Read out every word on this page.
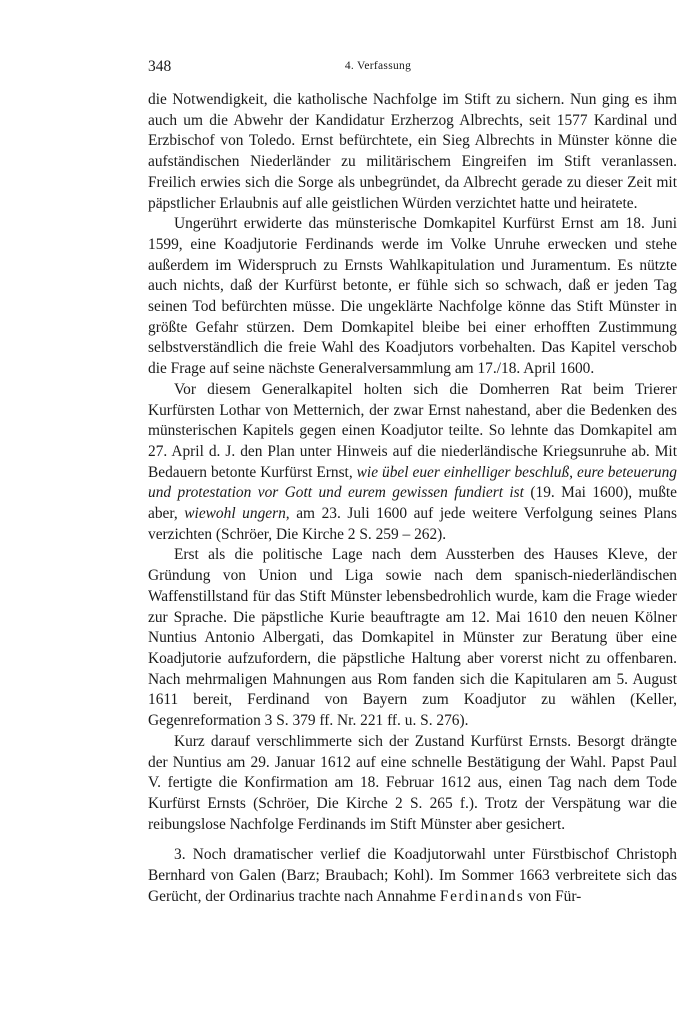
348	4. Verfassung

die Notwendigkeit, die katholische Nachfolge im Stift zu sichern. Nun ging es ihm auch um die Abwehr der Kandidatur Erzherzog Albrechts, seit 1577 Kardinal und Erzbischof von Toledo. Ernst befürchtete, ein Sieg Albrechts in Münster könne die aufständischen Niederländer zu militärischem Eingreifen im Stift veranlassen. Freilich erwies sich die Sorge als unbegründet, da Albrecht gerade zu dieser Zeit mit päpstlicher Erlaubnis auf alle geistlichen Würden verzichtet hatte und heiratete.

Ungerührt erwiderte das münsterische Domkapitel Kurfürst Ernst am 18. Juni 1599, eine Koadjutorie Ferdinands werde im Volke Unruhe erwecken und stehe außerdem im Widerspruch zu Ernsts Wahlkapitulation und Juramentum. Es nützte auch nichts, daß der Kurfürst betonte, er fühle sich so schwach, daß er jeden Tag seinen Tod befürchten müsse. Die ungeklärte Nachfolge könne das Stift Münster in größte Gefahr stürzen. Dem Domkapitel bleibe bei einer erhofften Zustimmung selbstverständlich die freie Wahl des Koadjutors vorbehalten. Das Kapitel verschob die Frage auf seine nächste Generalversammlung am 17./18. April 1600.

Vor diesem Generalkapitel holten sich die Domherren Rat beim Trierer Kurfürsten Lothar von Metternich, der zwar Ernst nahestand, aber die Bedenken des münsterischen Kapitels gegen einen Koadjutor teilte. So lehnte das Domkapitel am 27. April d. J. den Plan unter Hinweis auf die niederländische Kriegsunruhe ab. Mit Bedauern betonte Kurfürst Ernst, wie übel euer einhelliger beschluß, eure beteuerung und protestation vor Gott und eurem gewissen fundiert ist (19. Mai 1600), mußte aber, wiewohl ungern, am 23. Juli 1600 auf jede weitere Verfolgung seines Plans verzichten (Schröer, Die Kirche 2 S. 259 – 262).

Erst als die politische Lage nach dem Aussterben des Hauses Kleve, der Gründung von Union und Liga sowie nach dem spanisch-niederländischen Waffenstillstand für das Stift Münster lebensbedrohlich wurde, kam die Frage wieder zur Sprache. Die päpstliche Kurie beauftragte am 12. Mai 1610 den neuen Kölner Nuntius Antonio Albergati, das Domkapitel in Münster zur Beratung über eine Koadjutorie aufzufordern, die päpstliche Haltung aber vorerst nicht zu offenbaren. Nach mehrmaligen Mahnungen aus Rom fanden sich die Kapitularen am 5. August 1611 bereit, Ferdinand von Bayern zum Koadjutor zu wählen (Keller, Gegenreformation 3 S. 379 ff. Nr. 221 ff. u. S. 276).

Kurz darauf verschlimmerte sich der Zustand Kurfürst Ernsts. Besorgt drängte der Nuntius am 29. Januar 1612 auf eine schnelle Bestätigung der Wahl. Papst Paul V. fertigte die Konfirmation am 18. Februar 1612 aus, einen Tag nach dem Tode Kurfürst Ernsts (Schröer, Die Kirche 2 S. 265 f.). Trotz der Verspätung war die reibungslose Nachfolge Ferdinands im Stift Münster aber gesichert.

3. Noch dramatischer verlief die Koadjutorwahl unter Fürstbischof Christoph Bernhard von Galen (Barz; Braubach; Kohl). Im Sommer 1663 verbreitete sich das Gerücht, der Ordinarius trachte nach Annahme Ferdinands von Für-
